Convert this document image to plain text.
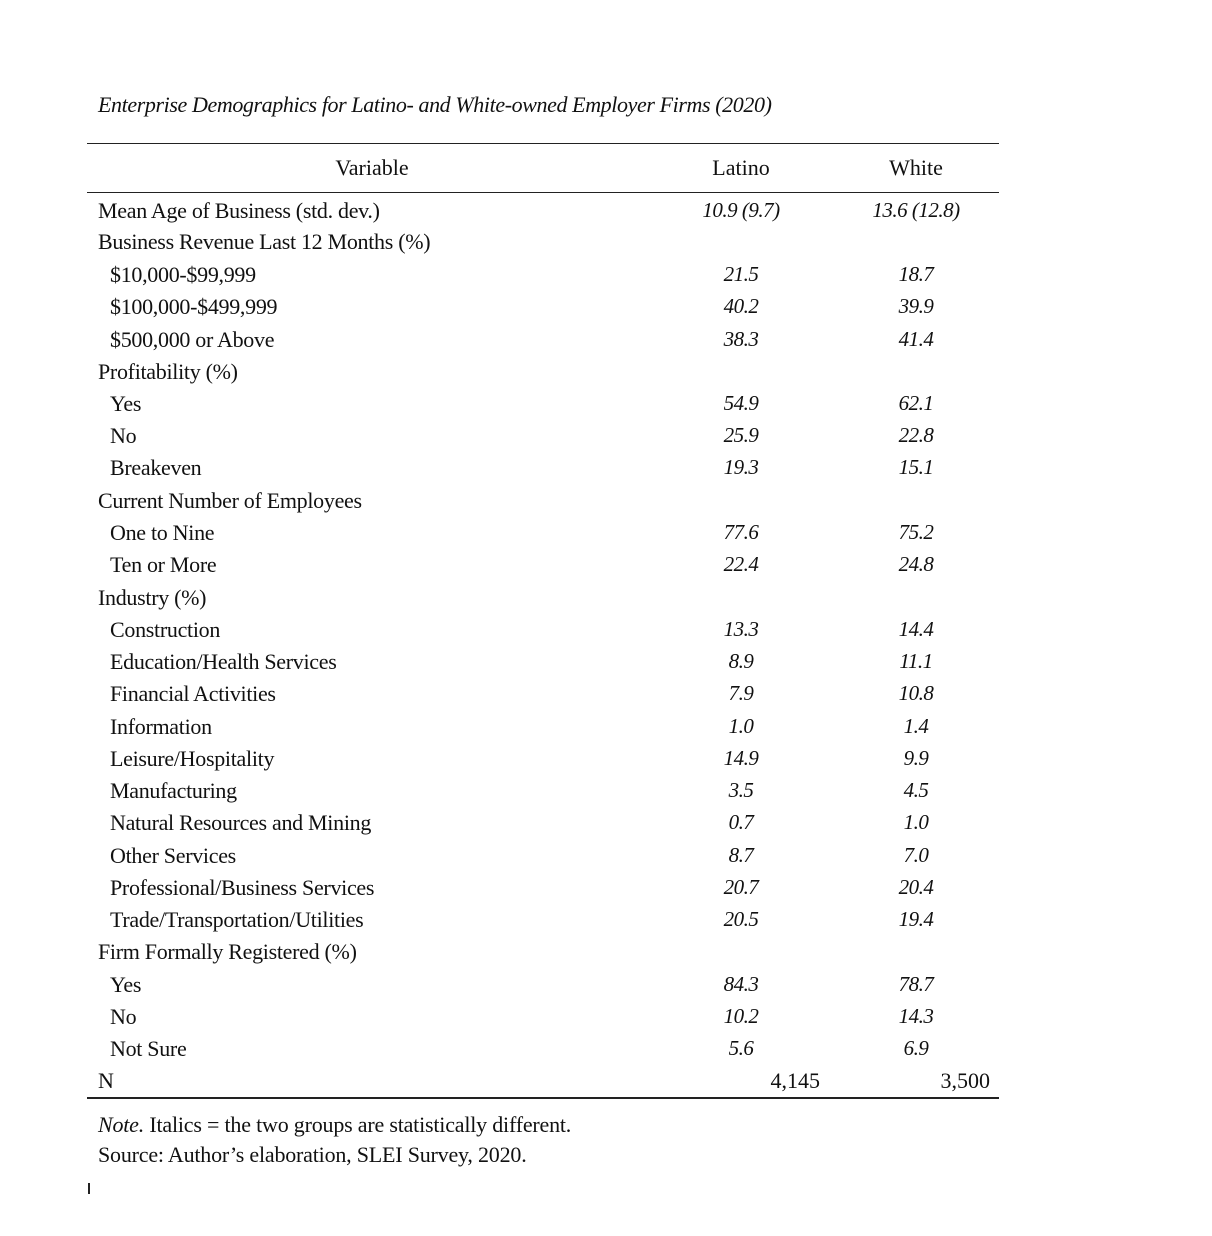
Enterprise Demographics for Latino- and White-owned Employer Firms (2020)
Variable	Latino	White
Mean Age of Business (std. dev.)	10.9 (9.7)	13.6 (12.8)
Business Revenue Last 12 Months (%)
$10,000-$99,999	21.5	18.7
$100,000-$499,999	40.2	39.9
$500,000 or Above	38.3	41.4
Profitability (%)
Yes	54.9	62.1
No	25.9	22.8
Breakeven	19.3	15.1
Current Number of Employees
One to Nine	77.6	75.2
Ten or More	22.4	24.8
Industry (%)
Construction	13.3	14.4
Education/Health Services	8.9	11.1
Financial Activities	7.9	10.8
Information	1.0	1.4
Leisure/Hospitality	14.9	9.9
Manufacturing	3.5	4.5
Natural Resources and Mining	0.7	1.0
Other Services	8.7	7.0
Professional/Business Services	20.7	20.4
Trade/Transportation/Utilities	20.5	19.4
Firm Formally Registered (%)
Yes	84.3	78.7
No	10.2	14.3
Not Sure	5.6	6.9
N	4,145	3,500
Note. Italics = the two groups are statistically different.
Source: Author’s elaboration, SLEI Survey, 2020.
